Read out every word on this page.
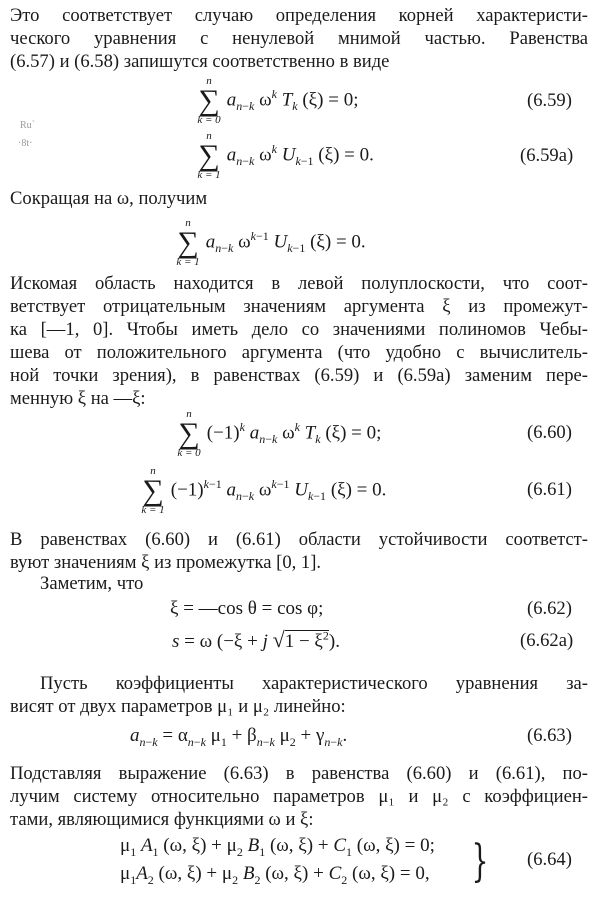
Это соответствует случаю определения корней характеристи-
ческого уравнения с ненулевой мнимой частью. Равенства
(6.57) и (6.58) запишутся соответственно в виде
Ru`
·8t·
n
∑
k = 0
$a_{n-k}$ $\omega^k$ $T_k$ (ξ) = 0;	(6.59)
n
∑
k = 1
$a_{n-k}$ $\omega^k$ $U_{k-1}$ (ξ) = 0.	(6.59а)
Сокращая на ω, получим
n
∑
k = 1
$a_{n-k}$ $\omega^{k-1}$ $U_{k-1}$ (ξ) = 0.
Искомая область находится в левой полуплоскости, что соот-
ветствует отрицательным значениям аргумента ξ из промежут-
ка [—1, 0]. Чтобы иметь дело со значениями полиномов Чебы-
шева от положительного аргумента (что удобно с вычислитель-
ной точки зрения), в равенствах (6.59) и (6.59а) заменим пере-
менную ξ на —ξ:
n
∑
k = 0
$(-1)^k$ $a_{n-k}$ $\omega^k$ $T_k$ (ξ) = 0;	(6.60)
n
∑
k = 1
$(-1)^{k-1}$ $a_{n-k}$ $\omega^{k-1}$ $U_{k-1}$ (ξ) = 0.	(6.61)
В равенствах (6.60) и (6.61) области устойчивости соответст-
вуют значениям ξ из промежутка [0, 1].
Заметим, что
ξ = —cos θ = cos φ;	(6.62)
s = ω (−ξ + j $√1 - \xi^2$).	(6.62а)
Пусть коэффициенты характеристического уравнения за-
висят от двух параметров μ₁ и μ₂ линейно:
$a_{n-k} = \alpha_{n-k}$ $\mu_1 + \beta_{n-k}$ $\mu_2 + \gamma_{n-k}$.	(6.63)
Подставляя выражение (6.63) в равенства (6.60) и (6.61), по-
лучим систему относительно параметров μ₁ и μ₂ с коэффициен-
тами, являющимися функциями ω и ξ:
$\mu_1$ $A_1$ (ω, $\xi) + \mu_2$ $B_1$ (ω, $\xi) + C_1$ (ω, ξ) = 0;
$\mu_1A_2$ (ω, $\xi) + \mu_2$ $B_2$ (ω, $\xi) + C_2$ (ω, ξ) = 0, } (6.64)
